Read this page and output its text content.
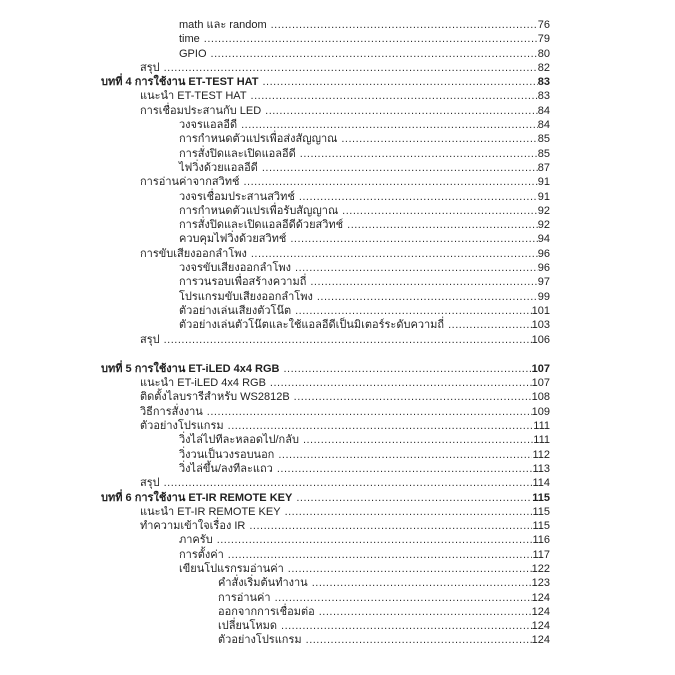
math และ random .....	76
time .....	79
GPIO .....	80
สรุป .....	82
บทที่ 4 การใช้งาน ET-TEST HAT .....	83
แนะนำ ET-TEST HAT .....	83
การเชื่อมประสานกับ LED .....	84
วงจรแอลอีดี .....	84
การกำหนดตัวแปรเพื่อส่งสัญญาณ .....	85
การสั่งปิดและเปิดแอลอีดี .....	85
ไฟวิ่งด้วยแอลอีดี .....	87
การอ่านค่าจากสวิทช์ .....	91
วงจรเชื่อมประสานสวิทช์ .....	91
การกำหนดตัวแปรเพื่อรับสัญญาณ .....	92
การสั่งปิดและเปิดแอลอีดีด้วยสวิทช์ .....	92
ควบคุมไฟวิ่งด้วยสวิทช์ .....	94
การขับเสียงออกลำโพง .....	96
วงจรขับเสียงออกลำโพง .....	96
การวนรอบเพื่อสร้างความถี่ .....	97
โปรแกรมขับเสียงออกลำโพง .....	99
ตัวอย่างเล่นเสียงตัวโน๊ต .....	101
ตัวอย่างเล่นตัวโน๊ตและใช้แอลอีดีเป็นมิเตอร์ระดับความถี่ .....	103
สรุป .....	106
บทที่ 5 การใช้งาน ET-iLED 4x4 RGB .....	107
แนะนำ ET-iLED 4x4 RGB .....	107
ติดตั้งไลบรารีสำหรับ WS2812B .....	108
วิธีการสั่งงาน .....	109
ตัวอย่างโปรแกรม .....	111
วิ่งไล่ไปทีละหลอดไป/กลับ .....	111
วิ่งวนเป็นวงรอบนอก .....	112
วิ่งไล่ขึ้น/ลงทีละแถว .....	113
สรุป .....	114
บทที่ 6 การใช้งาน ET-IR REMOTE KEY .....	115
แนะนำ ET-IR REMOTE KEY .....	115
ทำความเข้าใจเรื่อง IR .....	115
ภาครับ .....	116
การตั้งค่า .....	117
เขียนโปแรกรมอ่านค่า .....	122
คำสั่งเริ่มต้นทำงาน .....	123
การอ่านค่า .....	124
ออกจากการเชื่อมต่อ .....	124
เปลี่ยนโหมด .....	124
ตัวอย่างโปรแกรม .....	124
